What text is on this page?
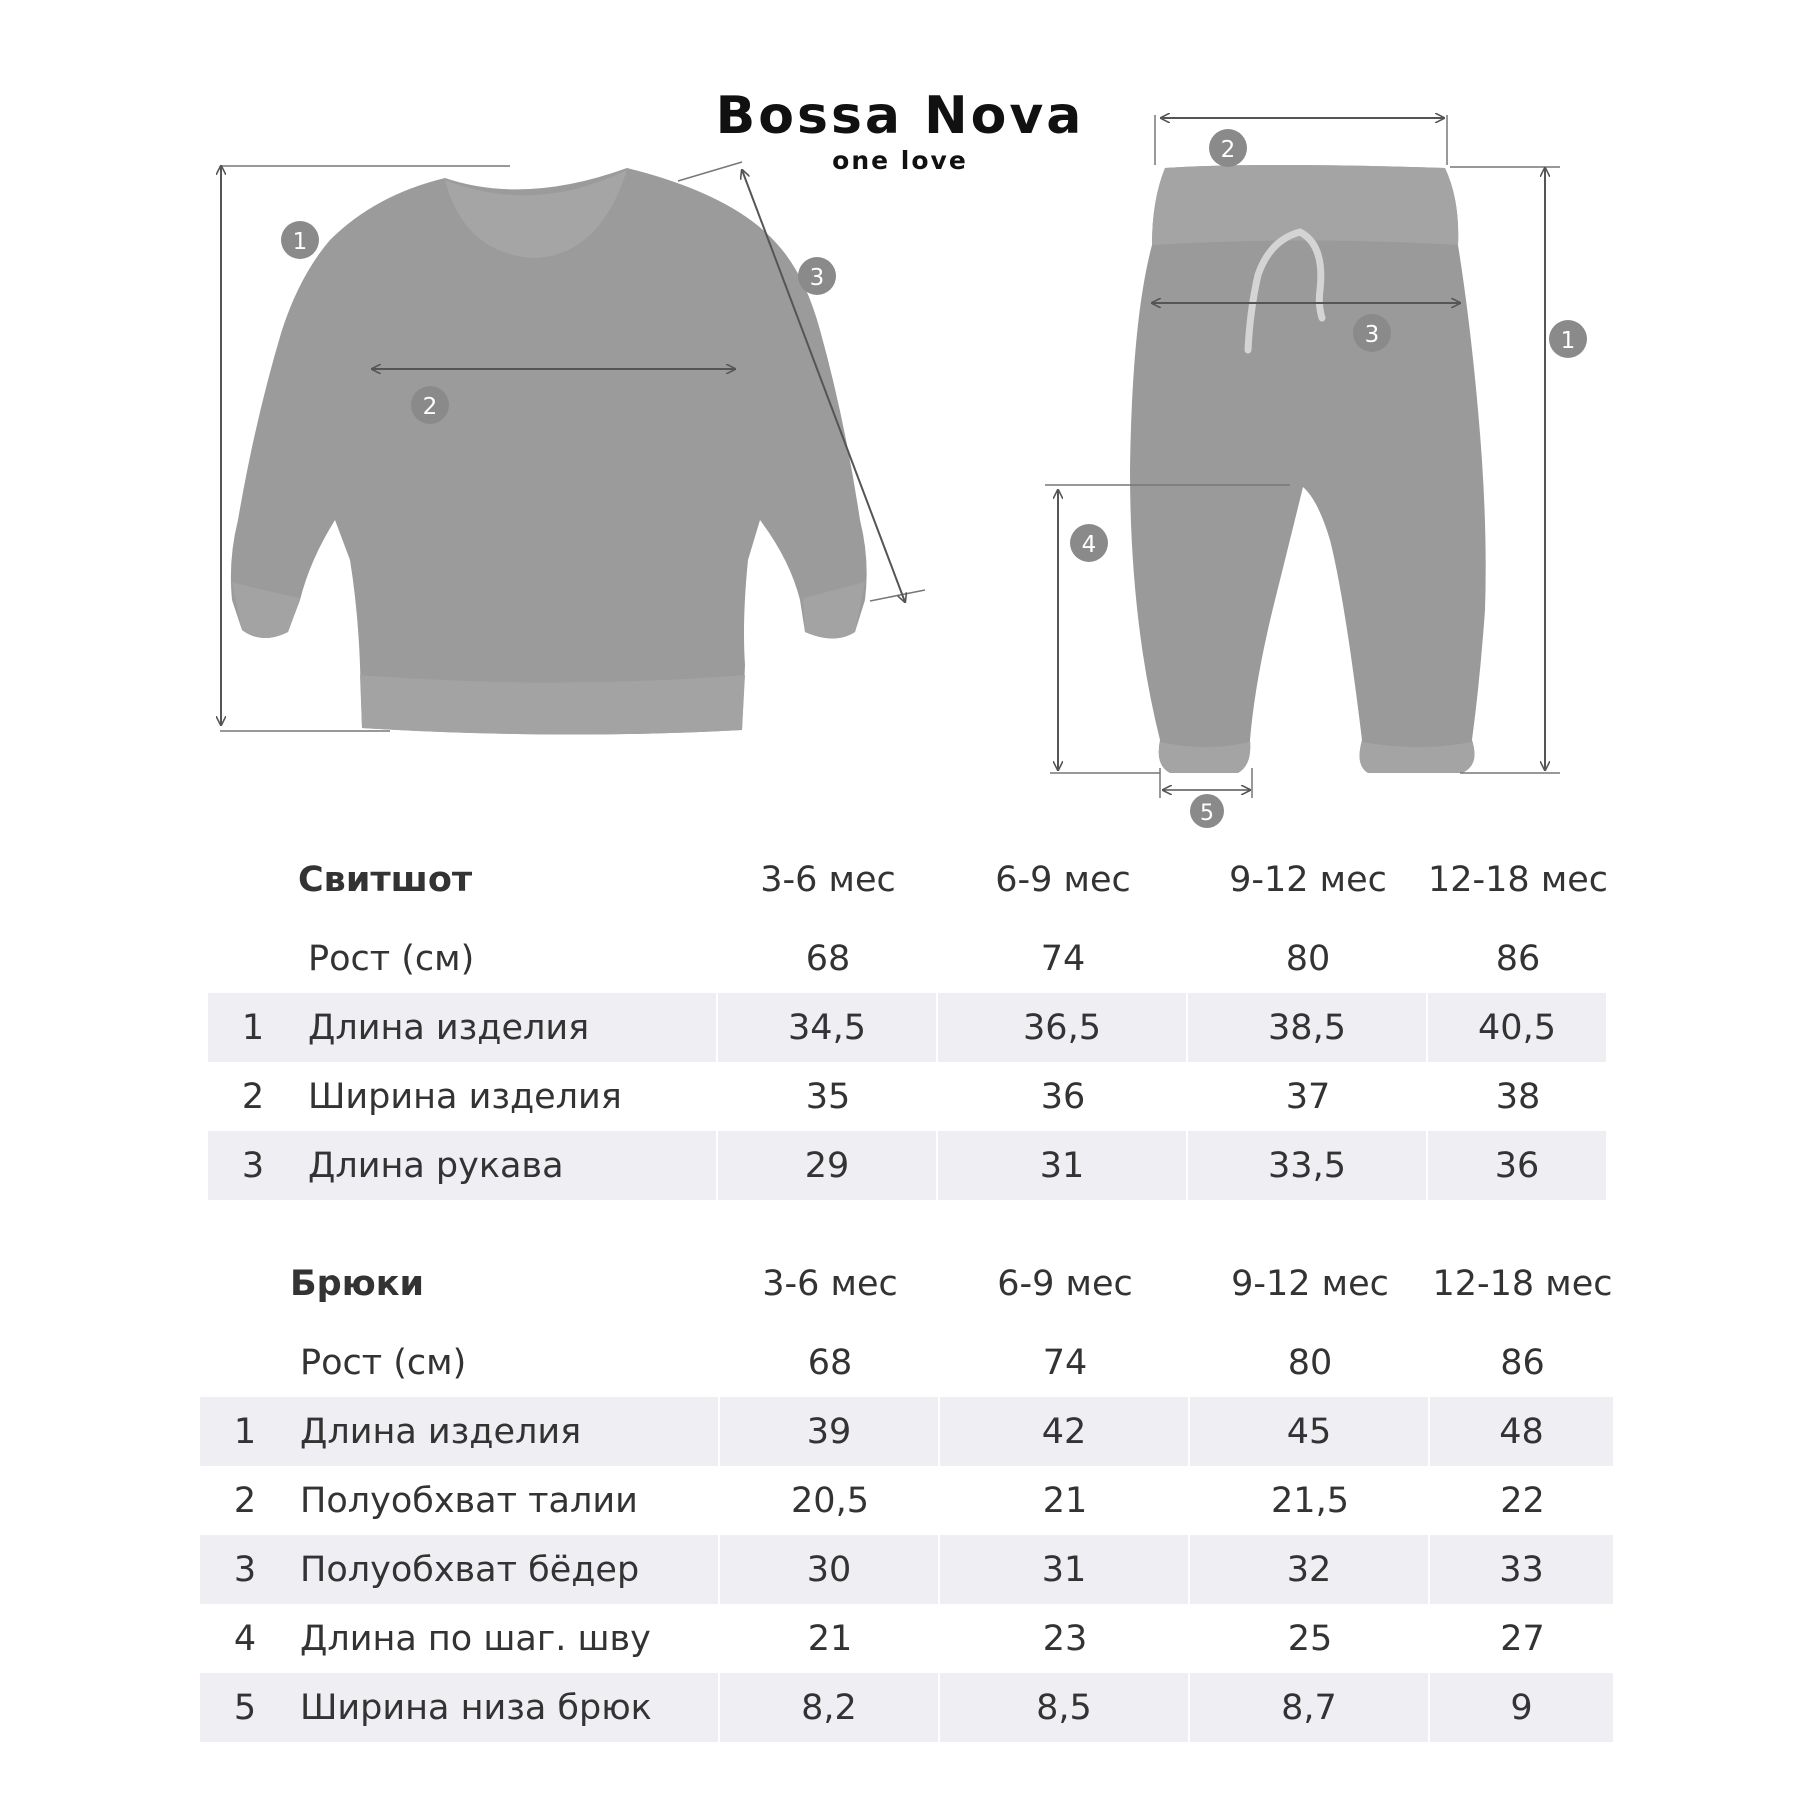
Bossa Nova
one love
1
2
3
2
3	1
4
5
	Свитшот	3-6 мес	6-9 мес	9-12 мес	12-18 мес
	Рост (см)	68	74	80	86
1	Длина изделия	34,5	36,5	38,5	40,5
2	Ширина изделия	35	36	37	38
3	Длина рукава	29	31	33,5	36
	Брюки	3-6 мес	6-9 мес	9-12 мес	12-18 мес
	Рост (см)	68	74	80	86
1	Длина изделия	39	42	45	48
2	Полуобхват талии	20,5	21	21,5	22
3	Полуобхват бёдер	30	31	32	33
4	Длина по шаг. шву	21	23	25	27
5	Ширина низа брюк	8,2	8,5	8,7	9
